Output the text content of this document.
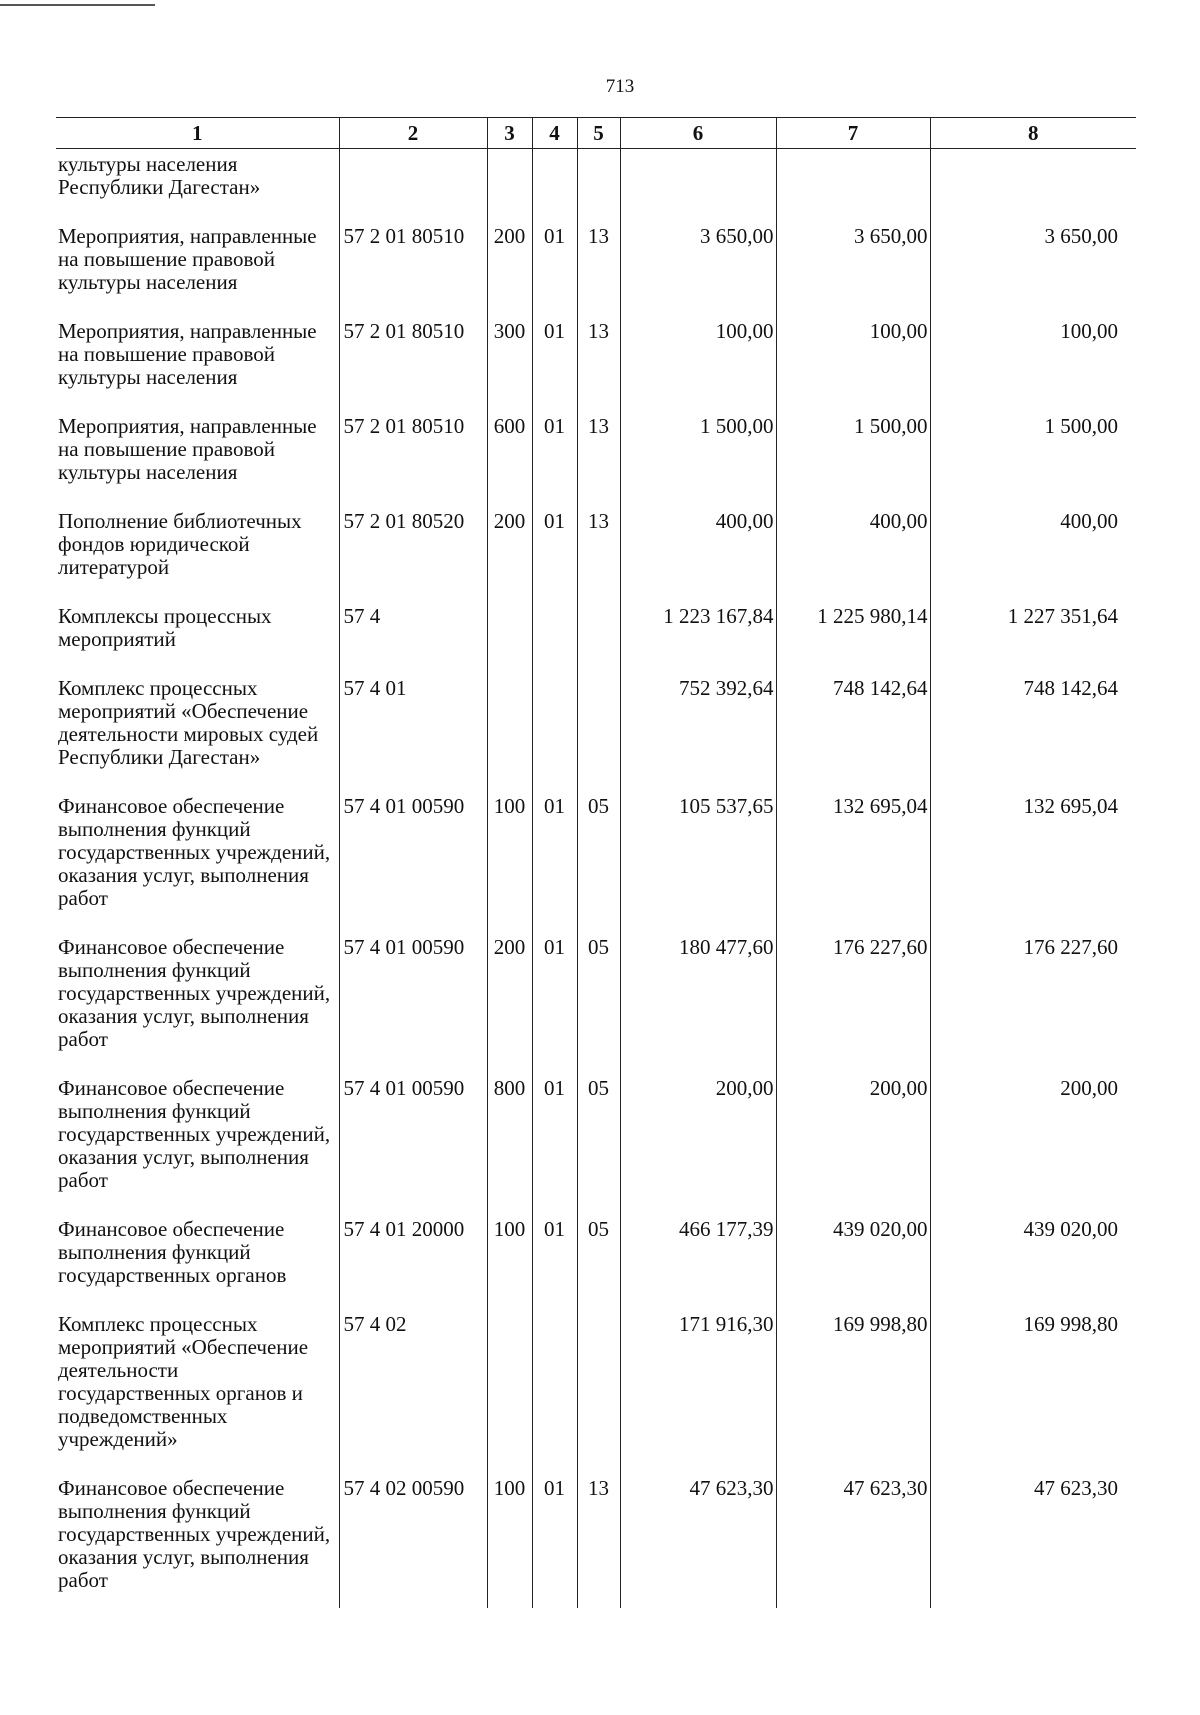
713
1	2	3	4	5	6	7	8
культуры населения Республики Дагестан»							
Мероприятия, направленные на повышение правовой культуры населения	57 2 01 80510	200	01	13	3 650,00	3 650,00	3 650,00
Мероприятия, направленные на повышение правовой культуры населения	57 2 01 80510	300	01	13	100,00	100,00	100,00
Мероприятия, направленные на повышение правовой культуры населения	57 2 01 80510	600	01	13	1 500,00	1 500,00	1 500,00
Пополнение библиотечных фондов юридической литературой	57 2 01 80520	200	01	13	400,00	400,00	400,00
Комплексы процессных мероприятий	57 4				1 223 167,84	1 225 980,14	1 227 351,64
Комплекс процессных мероприятий «Обеспечение деятельности мировых судей Республики Дагестан»	57 4 01				752 392,64	748 142,64	748 142,64
Финансовое обеспечение выполнения функций государственных учреждений, оказания услуг, выполнения работ	57 4 01 00590	100	01	05	105 537,65	132 695,04	132 695,04
Финансовое обеспечение выполнения функций государственных учреждений, оказания услуг, выполнения работ	57 4 01 00590	200	01	05	180 477,60	176 227,60	176 227,60
Финансовое обеспечение выполнения функций государственных учреждений, оказания услуг, выполнения работ	57 4 01 00590	800	01	05	200,00	200,00	200,00
Финансовое обеспечение выполнения функций государственных органов	57 4 01 20000	100	01	05	466 177,39	439 020,00	439 020,00
Комплекс процессных мероприятий «Обеспечение деятельности государственных органов и подведомственных учреждений»	57 4 02				171 916,30	169 998,80	169 998,80
Финансовое обеспечение выполнения функций государственных учреждений, оказания услуг, выполнения работ	57 4 02 00590	100	01	13	47 623,30	47 623,30	47 623,30
